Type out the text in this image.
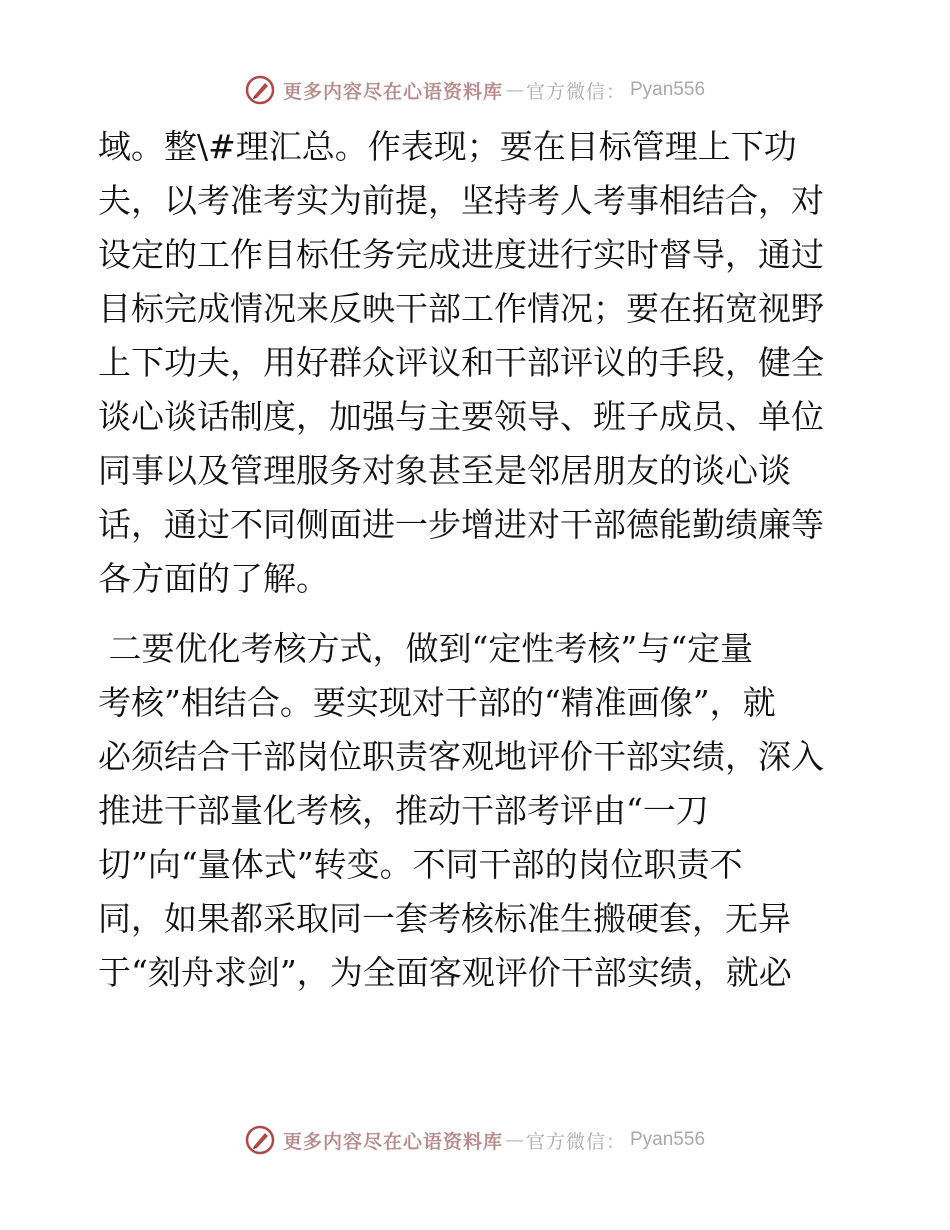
更多内容尽在心语资料库 — 官方微信： Pyan556
域。整\#理汇总。作表现；要在目标管理上下功
夫，以考准考实为前提，坚持考人考事相结合，对
设定的工作目标任务完成进度进行实时督导，通过
目标完成情况来反映干部工作情况；要在拓宽视野
上下功夫，用好群众评议和干部评议的手段，健全
谈心谈话制度，加强与主要领导、班子成员、单位
同事以及管理服务对象甚至是邻居朋友的谈心谈
话，通过不同侧面进一步增进对干部德能勤绩廉等
各方面的了解。
二要优化考核方式，做到“定性考核”与“定量
考核”相结合。要实现对干部的“精准画像”，就
必须结合干部岗位职责客观地评价干部实绩，深入
推进干部量化考核，推动干部考评由“一刀
切”向“量体式”转变。不同干部的岗位职责不
同，如果都采取同一套考核标准生搬硬套，无异
于“刻舟求剑”，为全面客观评价干部实绩，就必
更多内容尽在心语资料库 — 官方微信： Pyan556
